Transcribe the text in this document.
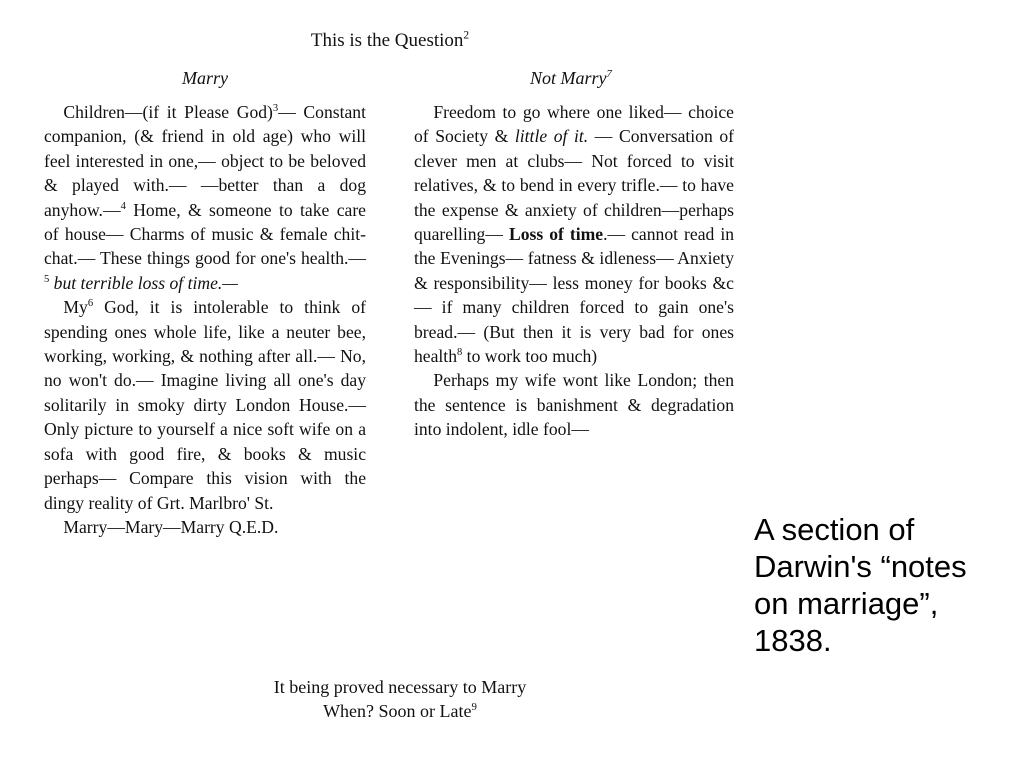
This is the Question$^2$
Marry	Not Marry$^7$

Children—(if it Please God)$^3$— Constant companion, (& friend in old age) who will feel interested in one,— object to be beloved & played with.— —better than a dog anyhow.—$^4$ Home, & someone to take care of house— Charms of music & female chit-chat.— These things good for one's health.—$^5$ but terrible loss of time.—

My$^6$ God, it is intolerable to think of spending ones whole life, like a neuter bee, working, working, & nothing after all.— No, no won't do.— Imagine living all one's day solitarily in smoky dirty London House.— Only picture to yourself a nice soft wife on a sofa with good fire, & books & music perhaps— Compare this vision with the dingy reality of Grt. Marlbro' St.

Marry—Mary—Marry Q.E.D.

Freedom to go where one liked— choice of Society & little of it. — Conversation of clever men at clubs— Not forced to visit relatives, & to bend in every trifle.— to have the expense & anxiety of children—perhaps quarelling— Loss of time.— cannot read in the Evenings— fatness & idleness— Anxiety & responsibility— less money for books &c— if many children forced to gain one's bread.— (But then it is very bad for ones health$^8$ to work too much)

Perhaps my wife wont like London; then the sentence is banishment & degradation into indolent, idle fool—

It being proved necessary to Marry
When? Soon or Late$^9$
A section of
Darwin's “notes
on marriage”,
1838.
